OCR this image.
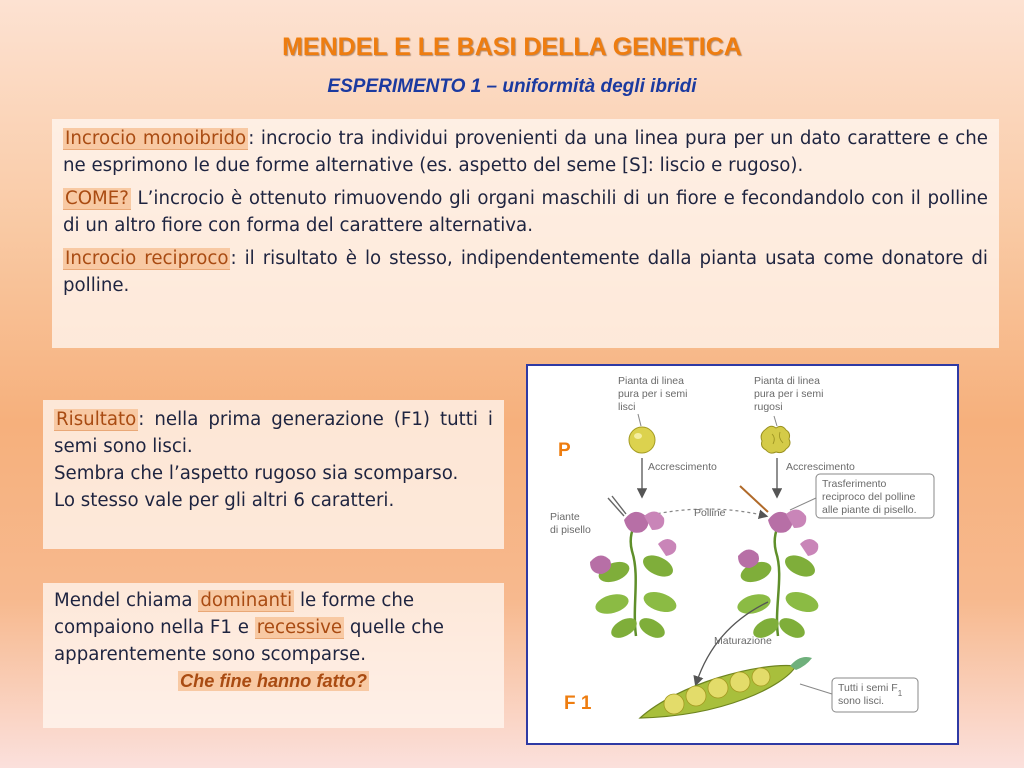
MENDEL E LE BASI DELLA GENETICA
ESPERIMENTO 1 – uniformità degli ibridi

Incrocio monoibrido : incrocio tra individui provenienti da una linea pura per un dato carattere e che ne esprimono le due forme alternative (es. aspetto del seme [S]: liscio e rugoso).

COME? L’incrocio è ottenuto rimuovendo gli organi maschili di un fiore e fecondandolo con il polline di un altro fiore con forma del carattere alternativa.

Incrocio reciproco : il risultato è lo stesso, indipendentemente dalla pianta usata come donatore di polline.

Risultato : nella prima generazione (F1) tutti i semi sono lisci.
Sembra che l’aspetto rugoso sia scomparso.
Lo stesso vale per gli altri 6 caratteri.
Mendel chiama dominanti le forme che compaiono nella F1 e recessive quelle che apparentemente sono scomparse.
Che fine hanno fatto?
Pianta di linea
pura per i semi
lisci
Pianta di linea
pura per i semi
rugosi
P
Accrescimento	Accrescimento
Trasferimento
reciproco del polline
alle piante di pisello.
Polline
Piante
di pisello
Maturazione
F 1
Tutti i semi $F_1$
sono lisci.
